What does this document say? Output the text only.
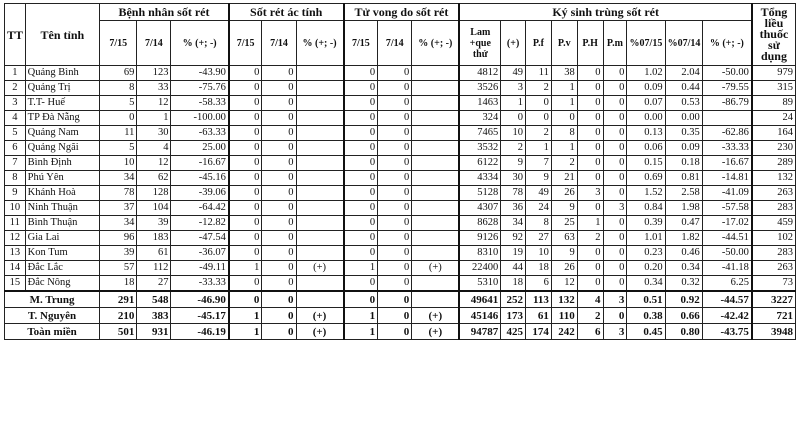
TT	Tên tỉnh	Bệnh nhân sốt rét			Sốt rét ác tính			Tử vong do sốt rét			Ký sinh trùng sốt rét									Tổng liều thuốc sử dụng
		7/15	7/14	% (+; -)	7/15	7/14	% (+; -)	7/15	7/14	% (+; -)	Lam +que thử	(+)	P.f	P.v	P.H	P.m	%07/15	%07/14	% (+; -)	
1	Quảng Bình	69	123	-43.90	0	0		0	0		4812	49	11	38	0	0	1.02	2.04	-50.00	979
2	Quảng Trị	8	33	-75.76	0	0		0	0		3526	3	2	1	0	0	0.09	0.44	-79.55	315
3	T.T- Huế	5	12	-58.33	0	0		0	0		1463	1	0	1	0	0	0.07	0.53	-86.79	89
4	TP Đà Nẵng	0	1	-100.00	0	0		0	0		324	0	0	0	0	0	0.00	0.00		24
5	Quảng Nam	11	30	-63.33	0	0		0	0		7465	10	2	8	0	0	0.13	0.35	-62.86	164
6	Quảng Ngãi	5	4	25.00	0	0		0	0		3532	2	1	1	0	0	0.06	0.09	-33.33	230
7	Bình Định	10	12	-16.67	0	0		0	0		6122	9	7	2	0	0	0.15	0.18	-16.67	289
8	Phú Yên	34	62	-45.16	0	0		0	0		4334	30	9	21	0	0	0.69	0.81	-14.81	132
9	Khánh Hoà	78	128	-39.06	0	0		0	0		5128	78	49	26	3	0	1.52	2.58	-41.09	263
10	Ninh Thuận	37	104	-64.42	0	0		0	0		4307	36	24	9	0	3	0.84	1.98	-57.58	283
11	Bình Thuận	34	39	-12.82	0	0		0	0		8628	34	8	25	1	0	0.39	0.47	-17.02	459
12	Gia Lai	96	183	-47.54	0	0		0	0		9126	92	27	63	2	0	1.01	1.82	-44.51	102
13	Kon Tum	39	61	-36.07	0	0		0	0		8310	19	10	9	0	0	0.23	0.46	-50.00	283
14	Đắc Lắc	57	112	-49.11	1	0	(+)	1	0	(+)	22400	44	18	26	0	0	0.20	0.34	-41.18	263
15	Đắc Nông	18	27	-33.33	0	0		0	0		5310	18	6	12	0	0	0.34	0.32	6.25	73
M. Trung		291	548	-46.90	0	0		0	0		49641	252	113	132	4	3	0.51	0.92	-44.57	3227
T. Nguyên		210	383	-45.17	1	0	(+)	1	0	(+)	45146	173	61	110	2	0	0.38	0.66	-42.42	721
Toàn miền		501	931	-46.19	1	0	(+)	1	0	(+)	94787	425	174	242	6	3	0.45	0.80	-43.75	3948
